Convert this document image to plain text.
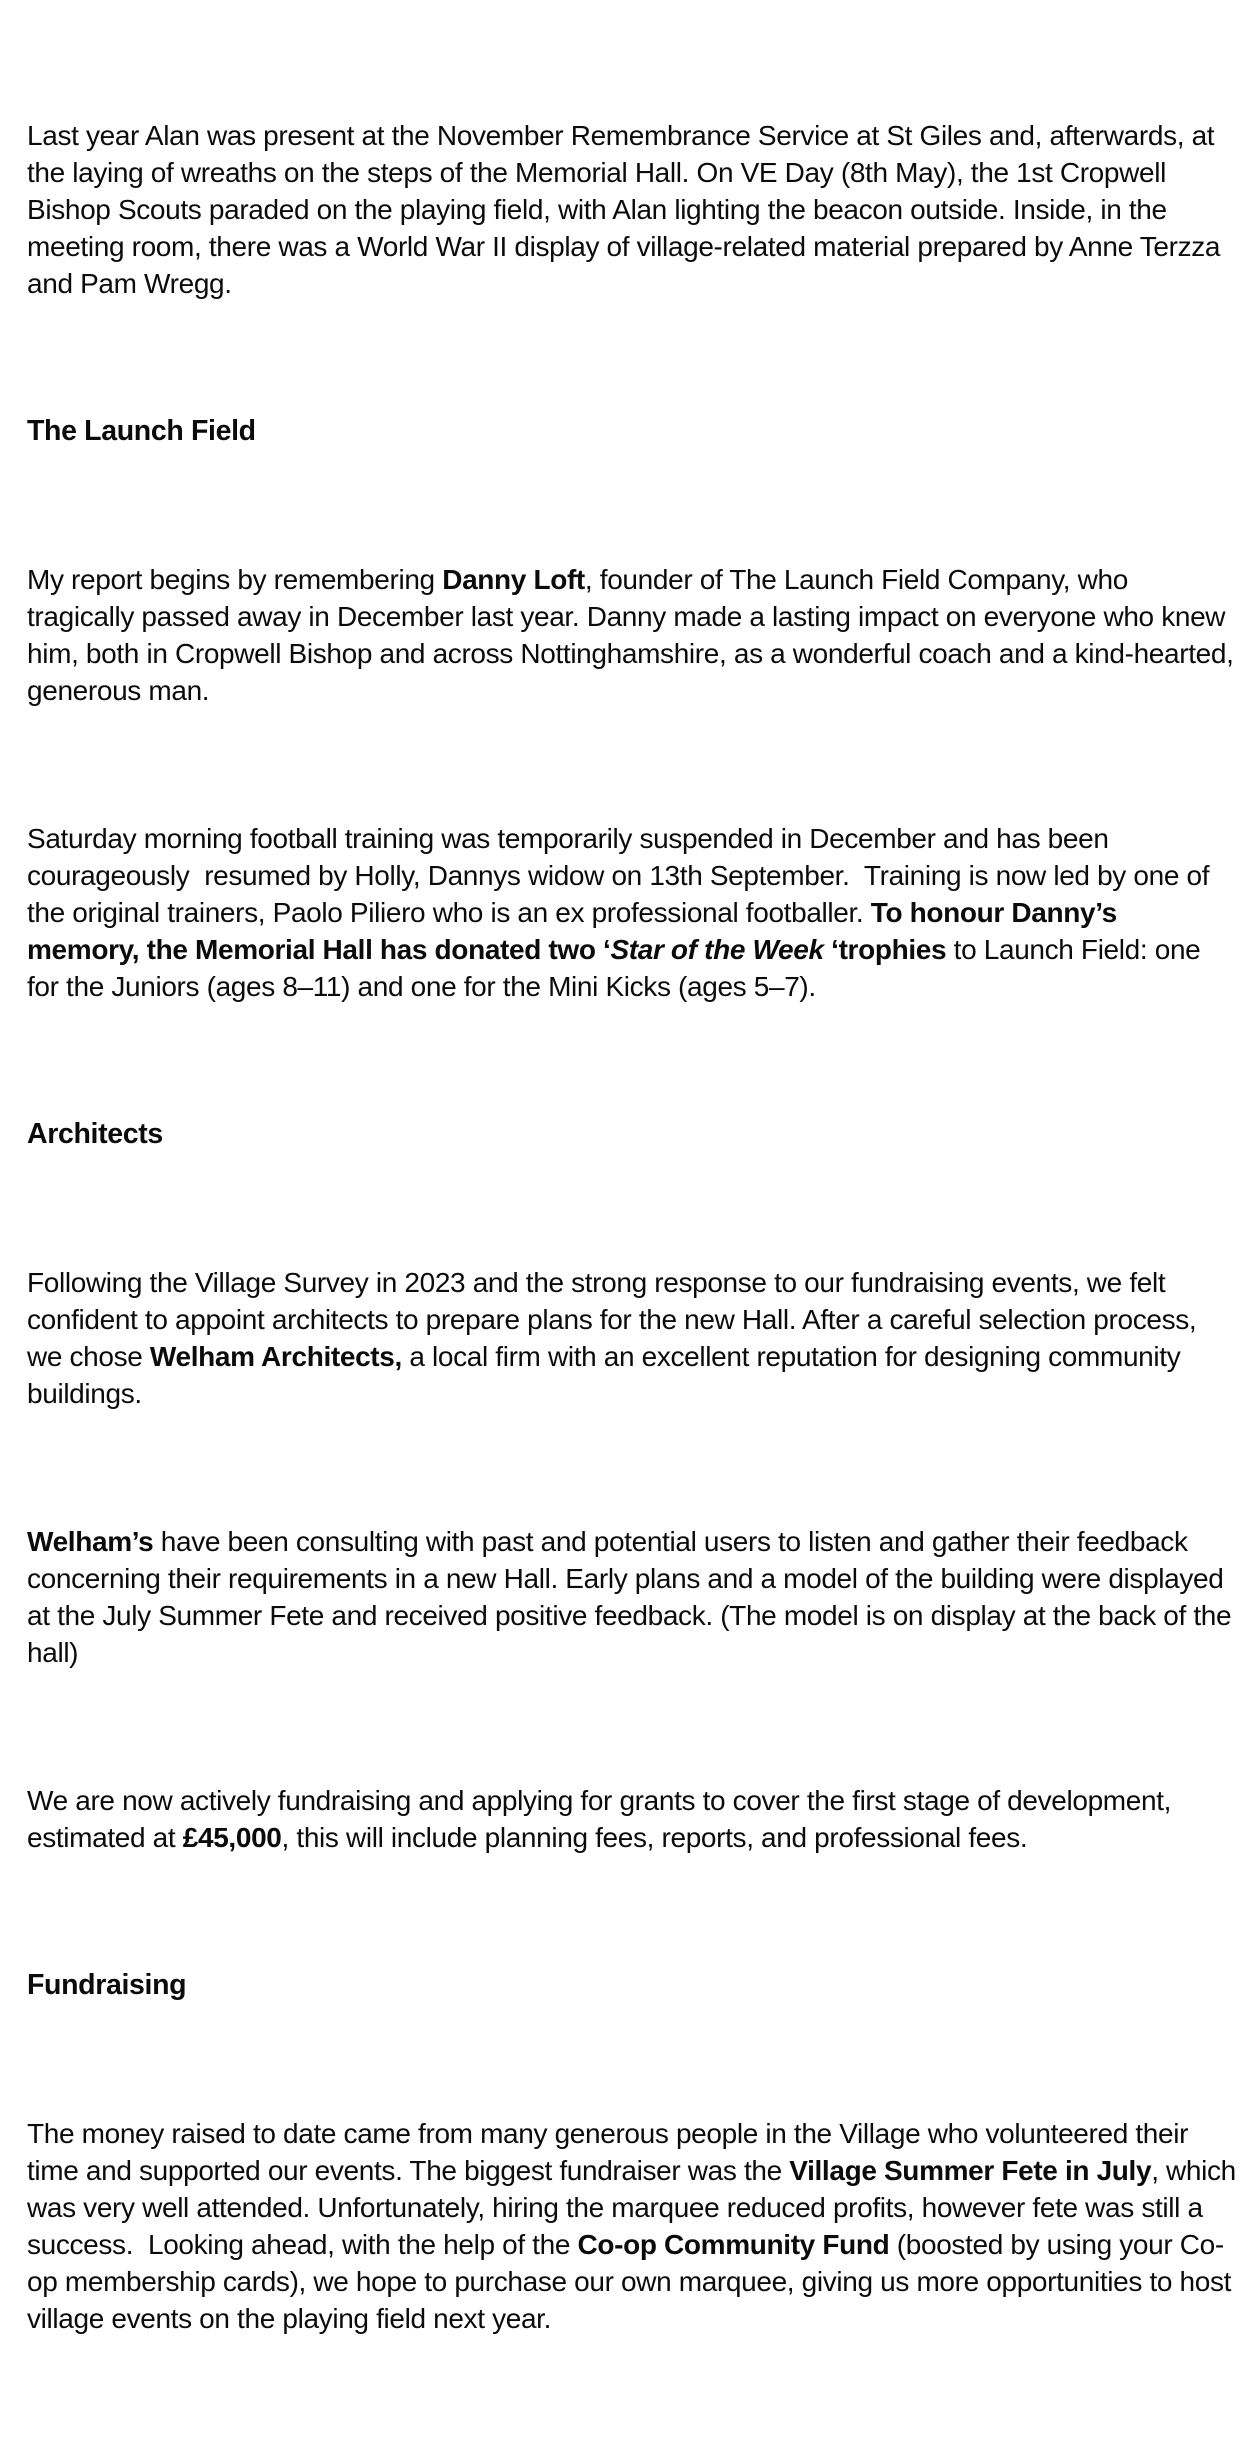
Last year Alan was present at the November Remembrance Service at St Giles and, afterwards, at the laying of wreaths on the steps of the Memorial Hall. On VE Day (8th May), the 1st Cropwell Bishop Scouts paraded on the playing field, with Alan lighting the beacon outside. Inside, in the meeting room, there was a World War II display of village-related material prepared by Anne Terzza and Pam Wregg.

The Launch Field

My report begins by remembering Danny Loft, founder of The Launch Field Company, who tragically passed away in December last year. Danny made a lasting impact on everyone who knew him, both in Cropwell Bishop and across Nottinghamshire, as a wonderful coach and a kind-hearted, generous man.

Saturday morning football training was temporarily suspended in December and has been courageously  resumed by Holly, Dannys widow on 13th September.  Training is now led by one of the original trainers, Paolo Piliero who is an ex professional footballer. To honour Danny’s memory, the Memorial Hall has donated two ‘Star of the Week ‘trophies to Launch Field: one for the Juniors (ages 8–11) and one for the Mini Kicks (ages 5–7).

Architects

Following the Village Survey in 2023 and the strong response to our fundraising events, we felt confident to appoint architects to prepare plans for the new Hall. After a careful selection process, we chose Welham Architects, a local firm with an excellent reputation for designing community buildings.

Welham’s have been consulting with past and potential users to listen and gather their feedback concerning their requirements in a new Hall. Early plans and a model of the building were displayed at the July Summer Fete and received positive feedback. (The model is on display at the back of the hall)

We are now actively fundraising and applying for grants to cover the first stage of development, estimated at £45,000, this will include planning fees, reports, and professional fees.

Fundraising

The money raised to date came from many generous people in the Village who volunteered their time and supported our events. The biggest fundraiser was the Village Summer Fete in July, which was very well attended. Unfortunately, hiring the marquee reduced profits, however fete was still a success.  Looking ahead, with the help of the Co-op Community Fund (boosted by using your Co-op membership cards), we hope to purchase our own marquee, giving us more opportunities to host village events on the playing field next year.
